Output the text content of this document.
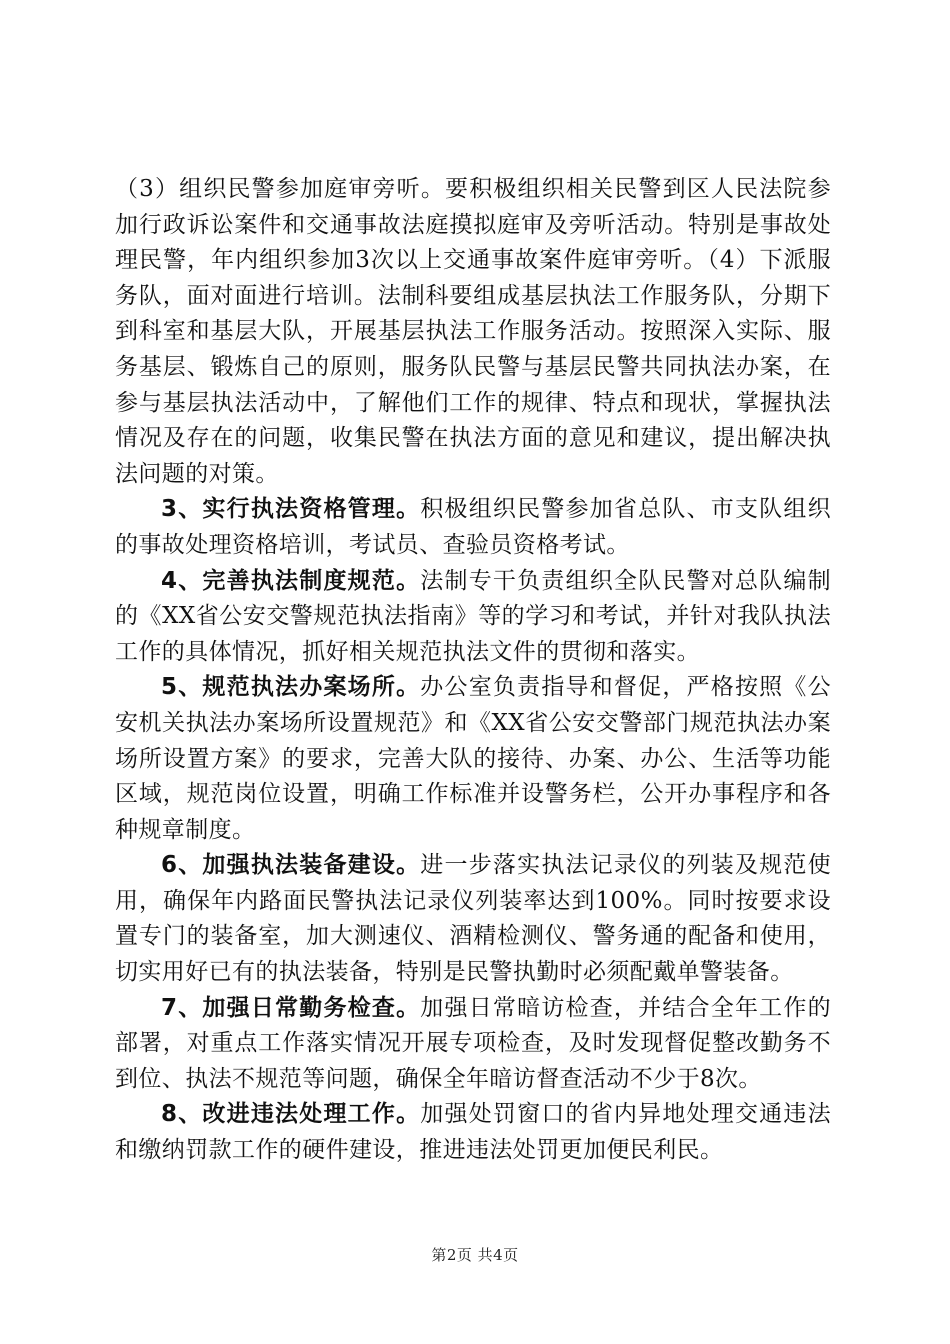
（3）组织民警参加庭审旁听。要积极组织相关民警到区人民法院参加行政诉讼案件和交通事故法庭摸拟庭审及旁听活动。特别是事故处理民警，年内组织参加3次以上交通事故案件庭审旁听。（4）下派服务队，面对面进行培训。法制科要组成基层执法工作服务队，分期下到科室和基层大队，开展基层执法工作服务活动。按照深入实际、服务基层、锻炼自己的原则，服务队民警与基层民警共同执法办案，在参与基层执法活动中，了解他们工作的规律、特点和现状，掌握执法情况及存在的问题，收集民警在执法方面的意见和建议，提出解决执法问题的对策。

3、实行执法资格管理。积极组织民警参加省总队、市支队组织的事故处理资格培训，考试员、查验员资格考试。

4、完善执法制度规范。法制专干负责组织全队民警对总队编制的《XX省公安交警规范执法指南》等的学习和考试，并针对我队执法工作的具体情况，抓好相关规范执法文件的贯彻和落实。

5、规范执法办案场所。办公室负责指导和督促，严格按照《公安机关执法办案场所设置规范》和《XX省公安交警部门规范执法办案场所设置方案》的要求，完善大队的接待、办案、办公、生活等功能区域，规范岗位设置，明确工作标准并设警务栏，公开办事程序和各种规章制度。

6、加强执法装备建设。进一步落实执法记录仪的列装及规范使用，确保年内路面民警执法记录仪列装率达到100%。同时按要求设置专门的装备室，加大测速仪、酒精检测仪、警务通的配备和使用，切实用好已有的执法装备，特别是民警执勤时必须配戴单警装备。

7、加强日常勤务检查。加强日常暗访检查，并结合全年工作的部署，对重点工作落实情况开展专项检查，及时发现督促整改勤务不到位、执法不规范等问题，确保全年暗访督查活动不少于8次。

8、改进违法处理工作。加强处罚窗口的省内异地处理交通违法和缴纳罚款工作的硬件建设，推进违法处罚更加便民利民。

第2页 共4页
